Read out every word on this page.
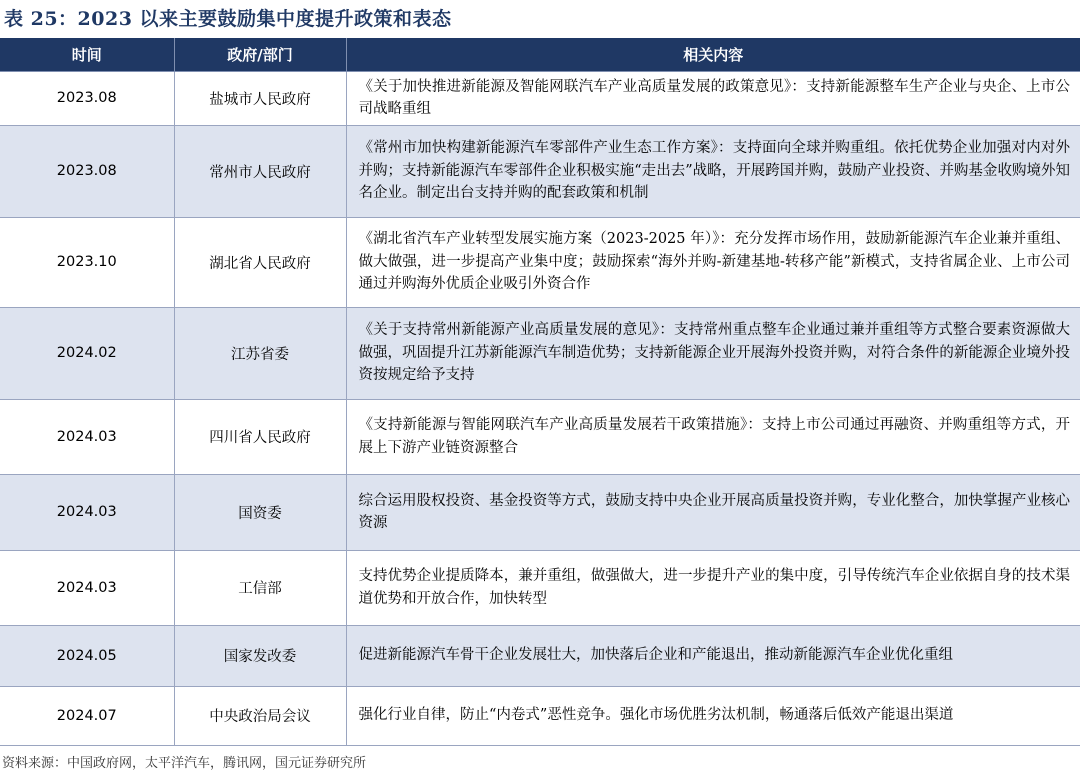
表 25：2023 以来主要鼓励集中度提升政策和表态
时间	政府/部门	相关内容
2023.08	盐城市人民政府	《关于加快推进新能源及智能网联汽车产业高质量发展的政策意见》：支持新能源整车生产企业与央企、上市公司战略重组
2023.08	常州市人民政府	《常州市加快构建新能源汽车零部件产业生态工作方案》：支持面向全球并购重组。依托优势企业加强对内对外并购；支持新能源汽车零部件企业积极实施“走出去”战略，开展跨国并购，鼓励产业投资、并购基金收购境外知名企业。制定出台支持并购的配套政策和机制
2023.10	湖北省人民政府	《湖北省汽车产业转型发展实施方案（2023-2025 年）》：充分发挥市场作用，鼓励新能源汽车企业兼并重组、做大做强，进一步提高产业集中度；鼓励探索“海外并购-新建基地-转移产能”新模式，支持省属企业、上市公司通过并购海外优质企业吸引外资合作
2024.02	江苏省委	《关于支持常州新能源产业高质量发展的意见》：支持常州重点整车企业通过兼并重组等方式整合要素资源做大做强，巩固提升江苏新能源汽车制造优势；支持新能源企业开展海外投资并购，对符合条件的新能源企业境外投资按规定给予支持
2024.03	四川省人民政府	《支持新能源与智能网联汽车产业高质量发展若干政策措施》：支持上市公司通过再融资、并购重组等方式，开展上下游产业链资源整合
2024.03	国资委	综合运用股权投资、基金投资等方式，鼓励支持中央企业开展高质量投资并购，专业化整合，加快掌握产业核心资源
2024.03	工信部	支持优势企业提质降本，兼并重组，做强做大，进一步提升产业的集中度，引导传统汽车企业依据自身的技术渠道优势和开放合作，加快转型
2024.05	国家发改委	促进新能源汽车骨干企业发展壮大，加快落后企业和产能退出，推动新能源汽车企业优化重组
2024.07	中央政治局会议	强化行业自律，防止“内卷式”恶性竞争。强化市场优胜劣汰机制，畅通落后低效产能退出渠道
资料来源：中国政府网，太平洋汽车，腾讯网，国元证券研究所
